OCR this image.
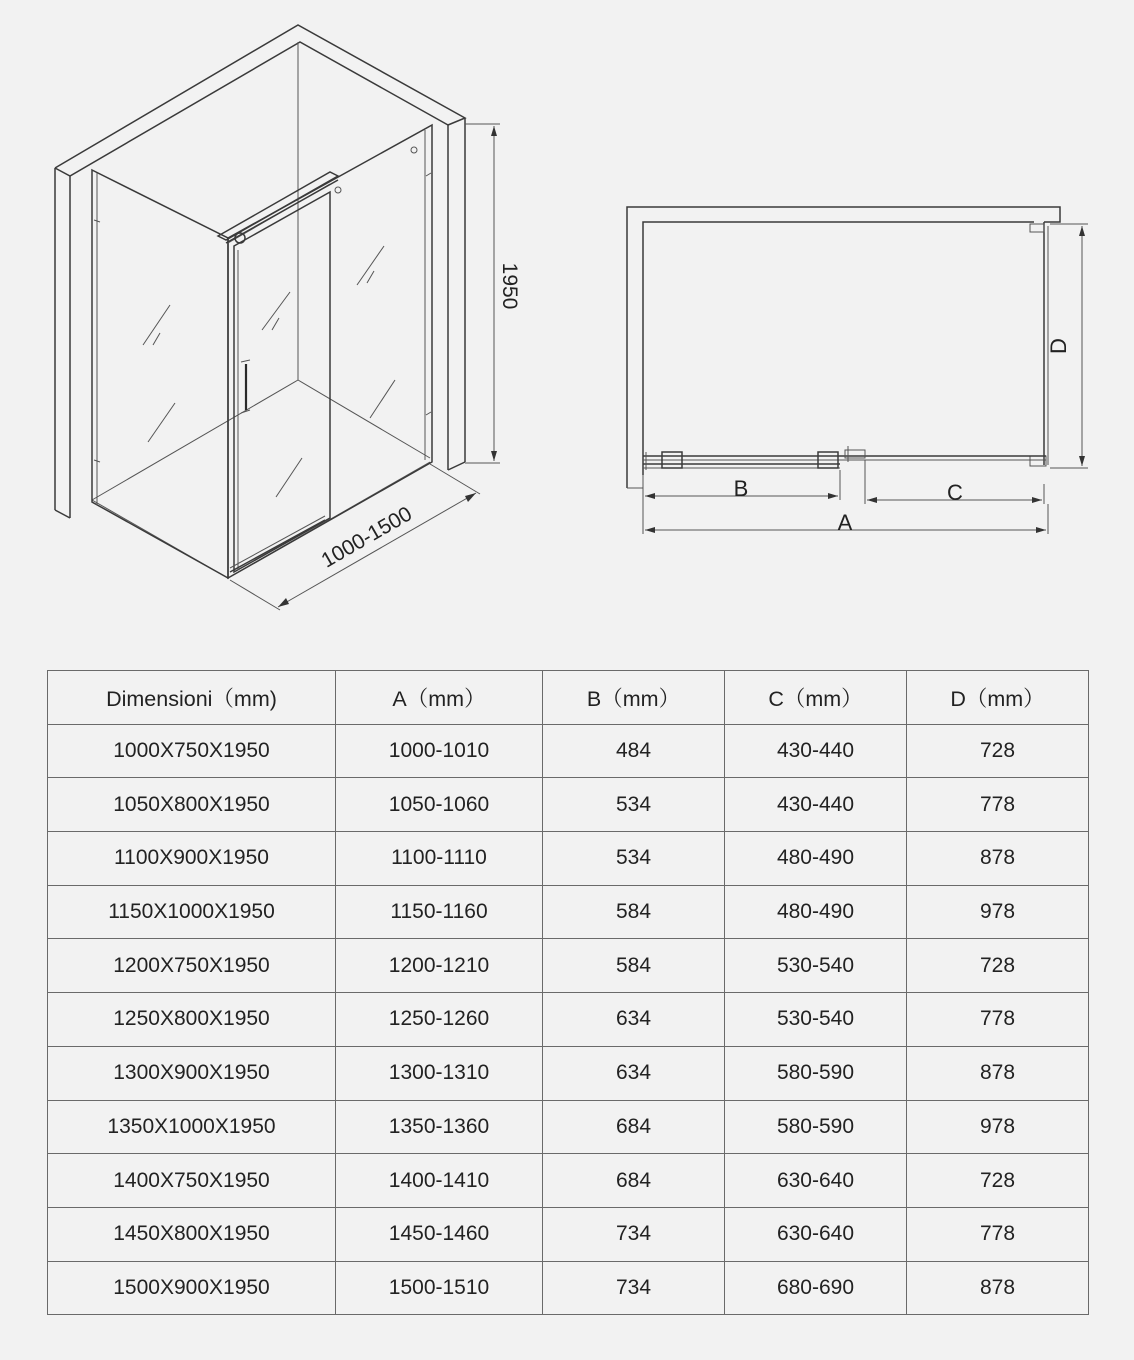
1950
1000-1500
D
B	C
A
Dimensioni（mm)	A（mm）	B（mm）	C（mm）	D（mm）
1000X750X1950	1000-1010	484	430-440	728
1050X800X1950	1050-1060	534	430-440	778
1100X900X1950	1100-1110	534	480-490	878
1150X1000X1950	1150-1160	584	480-490	978
1200X750X1950	1200-1210	584	530-540	728
1250X800X1950	1250-1260	634	530-540	778
1300X900X1950	1300-1310	634	580-590	878
1350X1000X1950	1350-1360	684	580-590	978
1400X750X1950	1400-1410	684	630-640	728
1450X800X1950	1450-1460	734	630-640	778
1500X900X1950	1500-1510	734	680-690	878
